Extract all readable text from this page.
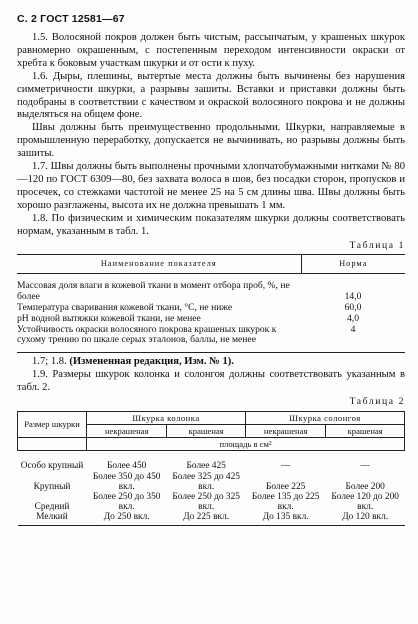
С. 2 ГОСТ 12581—67

1.5. Волосяной покров должен быть чистым, рассыпчатым, у крашеных шкурок равномерно окрашенным, с постепенным переходом интенсивности окраски от хребта к боковым участкам шкурки и от ости к пуху.

1.6. Дыры, плешины, вытертые места должны быть вычинены без нарушения симметричности шкурки, а разрывы зашиты. Вставки и приставки должны быть подобраны в соответствии с качеством и окраской волосяного покрова и не должны выделяться на общем фоне.

Швы должны быть преимущественно продольными. Шкурки, направляемые в промышленную переработку, допускается не вычинивать, но разрывы должны быть зашиты.

1.7. Швы должны быть выполнены прочными хлопчатобумажными нитками № 80—120 по ГОСТ 6309—80, без захвата волоса в шов, без посадки сторон, пропусков и просечек, со стежками частотой не менее 25 на 5 см длины шва. Швы должны быть хорошо разглажены, высота их не должна превышать 1 мм.

1.8. По физическим и химическим показателям шкурки должны соответствовать нормам, указанным в табл. 1.

Таблица 1
Наименование показателя	Норма
Массовая доля влаги в кожевой ткани в момент отбора проб, %, не более	14,0
Температура сваривания кожевой ткани, °С, не ниже	60,0
pH водной вытяжки кожевой ткани, не менее	4,0
Устойчивость окраски волосяного покрова крашеных шкурок к сухому трению по шкале серых эталонов, баллы, не менее	4

1.7; 1.8. (Измененная редакция, Изм. № 1).

1.9. Размеры шкурок колонка и солонгоя должны соответствовать указанным в табл. 2.

Таблица 2
Размер шкурки	Шкурка колонка		Шкурка солонгоя	
	некрашеная	крашеная	некрашеная	крашеная
	площадь в см²			

Особо крупный	Более 450	Более 425	—	—
Крупный	Более 350 до 450 вкл.	Более 325 до 425 вкл.	Более 225	Более 200
Средний	Более 250 до 350 вкл.	Более 250 до 325 вкл.	Более 135 до 225 вкл.	Более 120 до 200 вкл.
Мелкий	До 250 вкл.	До 225 вкл.	До 135 вкл.	До 120 вкл.
